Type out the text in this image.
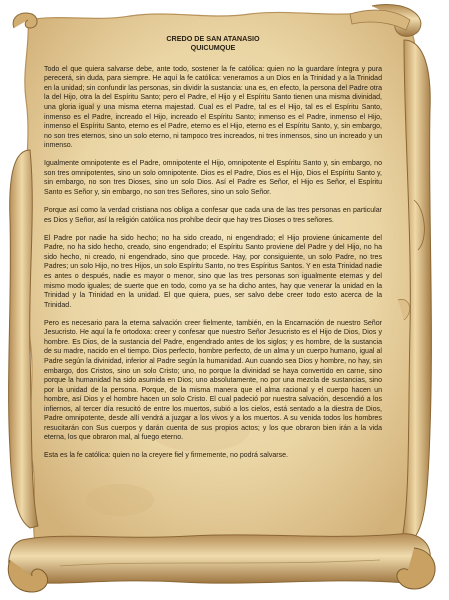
CREDO DE SAN ATANASIO
QUICUMQUE

Todo el que quiera salvarse debe, ante todo, sostener la fe católica: quien no la guardare íntegra y pura perecerá, sin duda, para siempre. He aquí la fe católica: veneramos a un Dios en la Trinidad y a la Trinidad en la unidad; sin confundir las personas, sin dividir la sustancia: una es, en efecto, la persona del Padre otra la del Hijo, otra la del Espíritu Santo; pero el Padre, el Hijo y el Espíritu Santo tienen una misma divinidad, una gloria igual y una misma eterna majestad. Cual es el Padre, tal es el Hijo, tal es el Espíritu Santo, inmenso es el Padre, increado el Hijo, increado el Espíritu Santo; inmenso es el Padre, inmenso el Hijo, inmenso el Espíritu Santo, eterno es el Padre, eterno es el Hijo, eterno es el Espíritu Santo, y, sin embargo, no son tres eternos, sino un solo eterno, ni tampoco tres increados, ni tres inmensos, sino un increado y un inmenso.

Igualmente omnipotente es el Padre, omnipotente el Hijo, omnipotente el Espíritu Santo y, sin embargo, no son tres omnipotentes, sino un solo omnipotente. Dios es el Padre, Dios es el Hijo, Dios el Espíritu Santo y, sin embargo, no son tres Dioses, sino un solo Dios. Así el Padre es Señor, el Hijo es Señor, el Espíritu Santo es Señor y, sin embargo, no son tres Señores, sino un solo Señor.

Porque así como la verdad cristiana nos obliga a confesar que cada una de las tres personas en particular es Dios y Señor, así la religión católica nos prohíbe decir que hay tres Dioses o tres señores.

El Padre por nadie ha sido hecho; no ha sido creado, ni engendrado; el Hijo proviene únicamente del Padre, no ha sido hecho, creado, sino engendrado; el Espíritu Santo proviene del Padre y del Hijo, no ha sido hecho, ni creado, ni engendrado, sino que procede. Hay, por consiguiente, un solo Padre, no tres Padres; un solo Hijo, no tres Hijos, un solo Espíritu Santo, no tres Espíritus Santos. Y en esta Trinidad nadie es antes o después, nadie es mayor o menor, sino que las tres personas son igualmente eternas y del mismo modo iguales; de suerte que en todo, como ya se ha dicho antes, hay que venerar la unidad en la Trinidad y la Trinidad en la unidad. El que quiera, pues, ser salvo debe creer todo esto acerca de la Trinidad.

Pero es necesario para la eterna salvación creer fielmente, también, en la Encarnación de nuestro Señor Jesucristo. He aquí la fe ortodoxa: creer y confesar que nuestro Señor Jesucristo es el Hijo de Dios, Dios y hombre. Es Dios, de la sustancia del Padre, engendrado antes de los siglos; y es hombre, de la sustancia de su madre, nacido en el tiempo. Dios perfecto, hombre perfecto, de un alma y un cuerpo humano, igual al Padre según la divinidad, inferior al Padre según la humanidad. Aun cuando sea Dios y hombre, no hay, sin embargo, dos Cristos, sino un solo Cristo; uno, no porque la divinidad se haya convertido en carne, sino porque la humanidad ha sido asumida en Dios; uno absolutamente, no por una mezcla de sustancias, sino por la unidad de la persona. Porque, de la misma manera que el alma racional y el cuerpo hacen un hombre, así Dios y el hombre hacen un solo Cristo. El cual padeció por nuestra salvación, descendió a los infiernos, al tercer día resucitó de entre los muertos, subió a los cielos, está sentado a la diestra de Dios, Padre omnipotente, desde allí vendrá a juzgar a los vivos y a los muertos. A su venida todos los hombres resucitarán con Sus cuerpos y darán cuenta de sus propios actos; y los que obraron bien irán a la vida eterna, los que obraron mal, al fuego eterno.

Esta es la fe católica: quien no la creyere fiel y firmemente, no podrá salvarse.
